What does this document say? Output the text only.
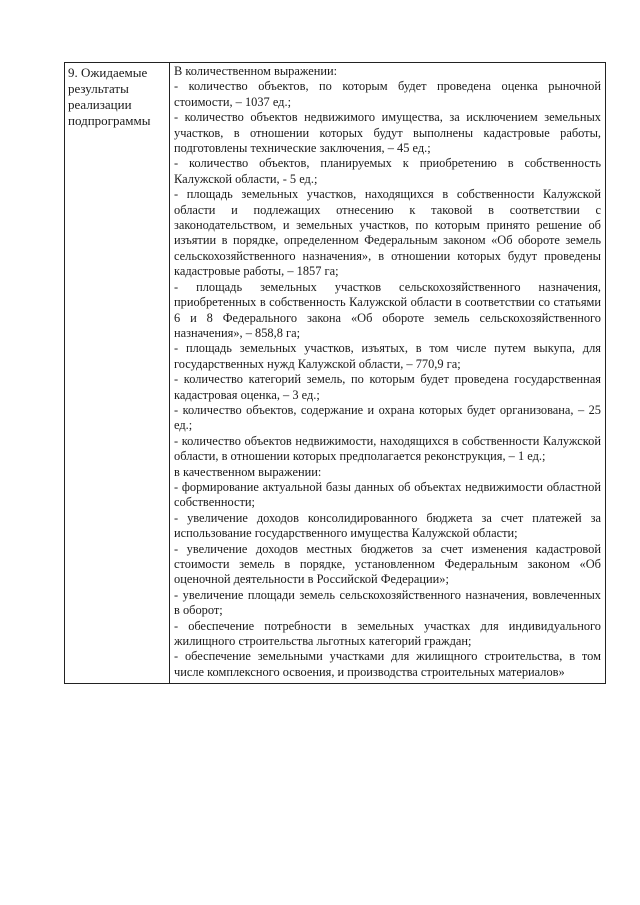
9. Ожидаемые результаты реализации подпрограммы

В количественном выражении:
- количество объектов, по которым будет проведена оценка рыночной стоимости, – 1037 ед.;
- количество объектов недвижимого имущества, за исключением земельных участков, в отношении которых будут выполнены кадастровые работы, подготовлены технические заключения, – 45 ед.;
- количество объектов, планируемых к приобретению в собственность Калужской области, - 5 ед.;
- площадь земельных участков, находящихся в собственности Калужской области и подлежащих отнесению к таковой в соответствии с законодательством, и земельных участков, по которым принято решение об изъятии в порядке, определенном Федеральным законом «Об обороте земель сельскохозяйственного назначения», в отношении которых будут проведены кадастровые работы, – 1857 га;
- площадь земельных участков сельскохозяйственного назначения, приобретенных в собственность Калужской области в соответствии со статьями 6 и 8 Федерального закона «Об обороте земель сельскохозяйственного назначения», – 858,8 га;
- площадь земельных участков, изъятых, в том числе путем выкупа, для государственных нужд Калужской области, – 770,9 га;
- количество категорий земель, по которым будет проведена государственная кадастровая оценка, – 3 ед.;
- количество объектов, содержание и охрана которых будет организована, – 25 ед.;
- количество объектов недвижимости, находящихся в собственности Калужской области, в отношении которых предполагается реконструкция, – 1 ед.;
в качественном выражении:
- формирование актуальной базы данных об объектах недвижимости областной собственности;
- увеличение доходов консолидированного бюджета за счет платежей за использование государственного имущества Калужской области;
- увеличение доходов местных бюджетов за счет изменения кадастровой стоимости земель в порядке, установленном Федеральным законом «Об оценочной деятельности в Российской Федерации»;
- увеличение площади земель сельскохозяйственного назначения, вовлеченных в оборот;
- обеспечение потребности в земельных участках для индивидуального жилищного строительства льготных категорий граждан;
- обеспечение земельными участками для жилищного строительства, в том числе комплексного освоения, и производства строительных материалов»
